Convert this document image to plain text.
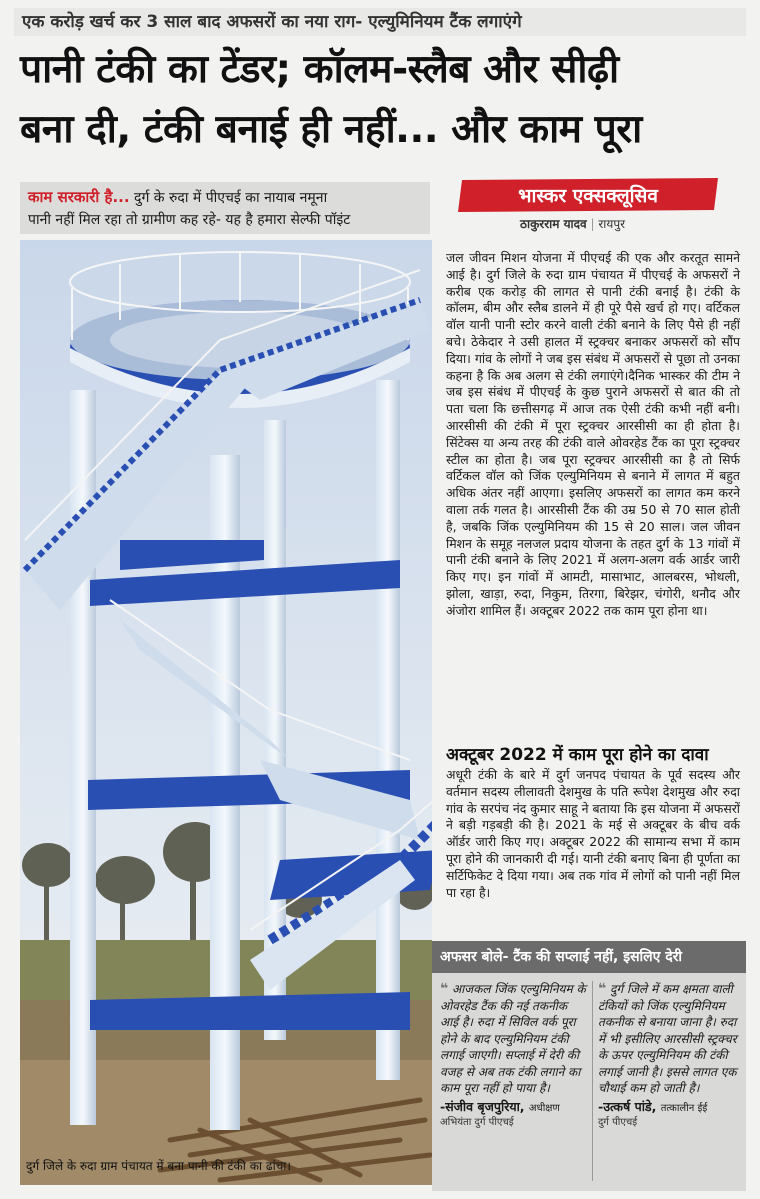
एक करोड़ खर्च कर 3 साल बाद अफसरों का नया राग- एल्युमिनियम टैंक लगाएंगे
पानी टंकी का टेंडर; कॉलम-स्लैब और सीढ़ी
बना दी, टंकी बनाई ही नहीं... और काम पूरा
काम सरकारी है... दुर्ग के रुदा में पीएचई का नायाब नमूना
पानी नहीं मिल रहा तो ग्रामीण कह रहे- यह है हमारा सेल्फी पॉइंट
भास्कर एक्सक्लूसिव
ठाकुरराम यादव | रायपुर
दुर्ग जिले के रुदा ग्राम पंचायत में बना पानी की टंकी का ढांचा।
जल जीवन मिशन योजना में पीएचई की एक और करतूत सामने आई है। दुर्ग जिले के रुदा ग्राम पंचायत में पीएचई के अफसरों ने करीब एक करोड़ की लागत से पानी टंकी बनाई है। टंकी के कॉलम, बीम और स्लैब डालने में ही पूरे पैसे खर्च हो गए। वर्टिकल वॉल यानी पानी स्टोर करने वाली टंकी बनाने के लिए पैसे ही नहीं बचे। ठेकेदार ने उसी हालत में स्ट्रक्चर बनाकर अफसरों को सौंप दिया। गांव के लोगों ने जब इस संबंध में अफसरों से पूछा तो उनका कहना है कि अब अलग से टंकी लगाएंगे।दैनिक भास्कर की टीम ने जब इस संबंध में पीएचई के कुछ पुराने अफसरों से बात की तो पता चला कि छत्तीसगढ़ में आज तक ऐसी टंकी कभी नहीं बनी। आरसीसी की टंकी में पूरा स्ट्रक्चर आरसीसी का ही होता है। सिंटेक्स या अन्य तरह की टंकी वाले ओवरहेड टैंक का पूरा स्ट्रक्चर स्टील का होता है। जब पूरा स्ट्रक्चर आरसीसी का है तो सिर्फ वर्टिकल वॉल को जिंक एल्युमिनियम से बनाने में लागत में बहुत अधिक अंतर नहीं आएगा। इसलिए अफसरों का लागत कम करने वाला तर्क गलत है। आरसीसी टैंक की उम्र 50 से 70 साल होती है, जबकि जिंक एल्युमिनियम की 15 से 20 साल। जल जीवन मिशन के समूह नलजल प्रदाय योजना के तहत दुर्ग के 13 गांवों में पानी टंकी बनाने के लिए 2021 में अलग-अलग वर्क आर्डर जारी किए गए। इन गांवों में आमटी, मासाभाट, आलबरस, भोथली, झोला, खाड़ा, रुदा, निकुम, तिरगा, बिरेझर, चंगोरी, थनौद और अंजोरा शामिल हैं। अक्टूबर 2022 तक काम पूरा होना था।
अक्टूबर 2022 में काम पूरा होने का दावा
अधूरी टंकी के बारे में दुर्ग जनपद पंचायत के पूर्व सदस्य और वर्तमान सदस्य लीलावती देशमुख के पति रूपेश देशमुख और रुदा गांव के सरपंच नंद कुमार साहू ने बताया कि इस योजना में अफसरों ने बड़ी गड़बड़ी की है। 2021 के मई से अक्टूबर के बीच वर्क ऑर्डर जारी किए गए। अक्टूबर 2022 की सामान्य सभा में काम पूरा होने की जानकारी दी गई। यानी टंकी बनाए बिना ही पूर्णता का सर्टिफिकेट दे दिया गया। अब तक गांव में लोगों को पानी नहीं मिल पा रहा है।
अफसर बोले- टैंक की सप्लाई नहीं, इसलिए देरी
❝ आजकल जिंक एल्युमिनियम के ओवरहेड टैंक की नई तकनीक आई है। रुदा में सिविल वर्क पूरा होने के बाद एल्युमिनियम टंकी लगाई जाएगी। सप्लाई में देरी की वजह से अब तक टंकी लगाने का काम पूरा नहीं हो पाया है।
-संजीव बृजपुरिया, अधीक्षण
अभियंता दुर्ग पीएचई
❝ दुर्ग जिले में कम क्षमता वाली टंकियों को जिंक एल्युमिनियम तकनीक से बनाया जाना है। रुदा में भी इसीलिए आरसीसी स्ट्रक्चर के ऊपर एल्युमिनियम की टंकी लगाई जानी है। इससे लागत एक चौथाई कम हो जाती है।
-उत्कर्ष पांडे, तत्कालीन ईई
दुर्ग पीएचई
